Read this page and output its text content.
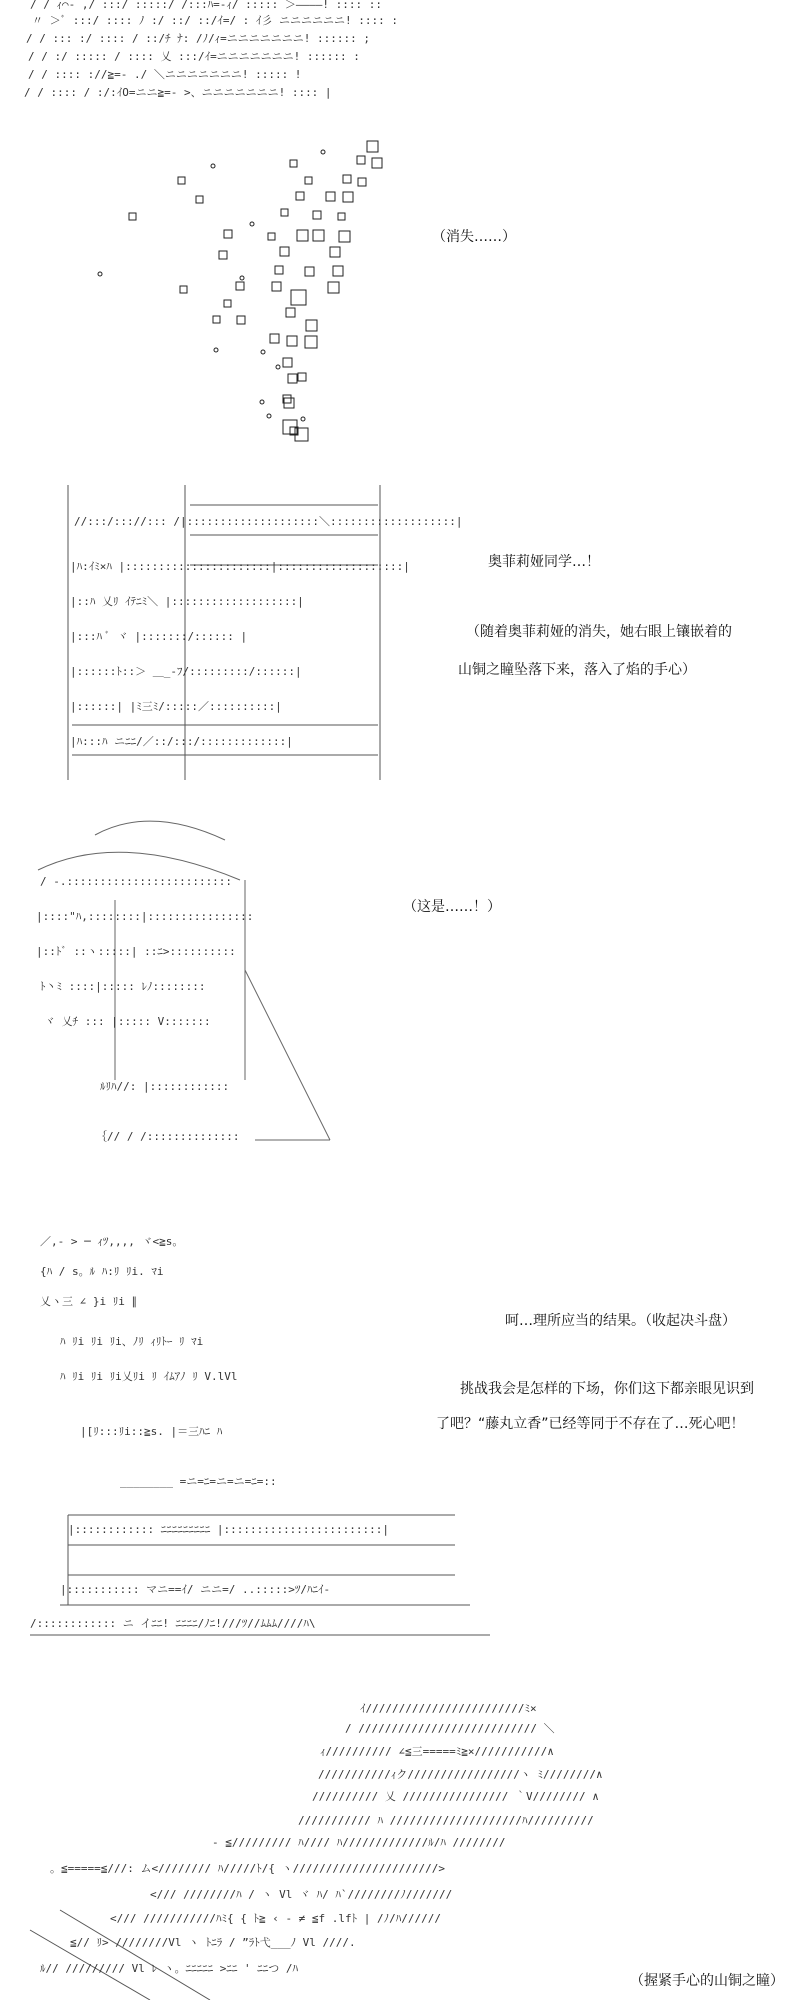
/ / ｨ⌒‐ ,/ :::/ :::::/ /:::ﾊ=‐ｨ/ ::::: ＞――――! :::: ::
〃 ＞ﾞ :::/ :::: ﾉ :/ ::/ ::/ｲ=/ : ｲ彡 ニニニニニニ! :::: :
/ / ::: :/ :::: / ::/ﾁ ﾅ: /ﾉ/ｨ=ニニニニニニニ! :::::: ;
/ / :/ ::::: / :::: 乂 :::/ｲ=ニニニニニニニ! :::::: :
/ / :::: ://≧=‐ ./ ＼ニニニニニニニ! ::::: !
/ / :::: / :/:ｲO=ニニ≧=- >、ニニニニニニニ! :::: |
（消失……）
//:::/::://::: /|::::::::::::::::::::＼:::::::::::::::::::|
|ﾊ:ｲﾐ×ﾊ |::::::::::::::::::::::|:::::::::::::::::::|
|::ﾊ 乂ﾘ ｲﾃﾆﾐ＼ |:::::::::::::::::::|
|:::ﾊ ﾞ ヾ |:::::::/:::::: |
|::::::ﾄ::＞ ＿_-ﾌ/:::::::::/::::::|
|::::::| |ﾐ三ﾐ/:::::／::::::::::|
|ﾊ:::ﾊ ニﾆﾆ/／::/:::/:::::::::::::|
奥菲莉娅同学…！
（随着奥菲莉娅的消失，她右眼上镶嵌着的
山铜之瞳坠落下来，落入了焰的手心）
/ ‐.:::::::::::::::::::::::::
|::::"ﾊ,::::::::|::::::::::::::::
|::ﾄﾞ ::ヽ:::::| ::ﾆ>::::::::::
ﾄ丶ﾐ ::::|::::: ﾚﾉ::::::::
ヾ 乂ﾁ ::: |::::: V:::::::
ﾙﾘﾊ//: |::::::::::::
｛// / /::::::::::::::
（这是……！）
／,‐ > ─ ｨﾂ,,,, ヾ<≧s。
{ﾊ / s。ﾙ ﾊ:ﾘ ﾘi. ﾏi
乂ヽ三 ∠ }i ﾘi ∥
ﾊ ﾘi ﾘi ﾘi、ﾉﾘ ｨﾘﾄｰ ﾘ ﾏi
ﾊ ﾘi ﾘi ﾘi乂ﾘi ﾘ ｲﾑｱﾉ ﾘ V.lVl
|[ﾘ:::ﾘi::≧s. |＝三ﾊﾆ ﾊ
________ =ニ=ﾆ=ニ=ニ=ﾆ=::
|:::::::::::: ﾆﾆﾆﾆﾆﾆﾆﾆﾆ |::::::::::::::::::::::::|
|::::::::::: マニ==ｲ/ ニニ=/ ..:::::>ﾂ/ﾊﾆｲ-
/:::::::::::: ニ イﾆﾆ! ﾆﾆﾆﾆ/ﾉﾆ!///ﾂ//ﾑﾑﾑ////ﾊ\
呵…理所应当的结果。（收起决斗盘）
挑战我会是怎样的下场，你们这下都亲眼见识到
了吧？“藤丸立香”已经等同于不存在了…死心吧！
ｲ////////////////////////ﾐ×
/ /////////////////////////// ＼
ｨ////////// ∠≦三=====ﾐ≧×///////////∧
///////////ｨク/////////////////ヽ ﾐ////////∧
////////// 乂 //////////////// ｀V//////// ∧
/////////// ﾊ ////////////////////ﾊ//////////
‐ ≦///////// ﾊ//// ﾊ/////////////ﾙ/ﾊ ////////
。≦=====≦///: ム<//////// ﾊ/////ﾄ/{ ヽ//////////////////////>
</// ////////ﾊ / ヽ Vl ヾ ﾊ/ ﾊ`////////ﾉ///////
</// ///////////ﾊﾐ{ { ﾄ≧ ‹ ‐ ≠ ≦f .lfﾄ | /ﾉ/ﾊ//////
≦// ﾘ> ////////Vl ヽ ﾄﾆﾗ / ”ﾗﾄ弋___ﾉ Vl ////.
ﾙ// ///////// Vl ﾚ ヽ。ﾆﾆﾆﾆﾆ >ﾆﾆ ' ﾆﾆつ /ﾊ
（握紧手心的山铜之瞳）
